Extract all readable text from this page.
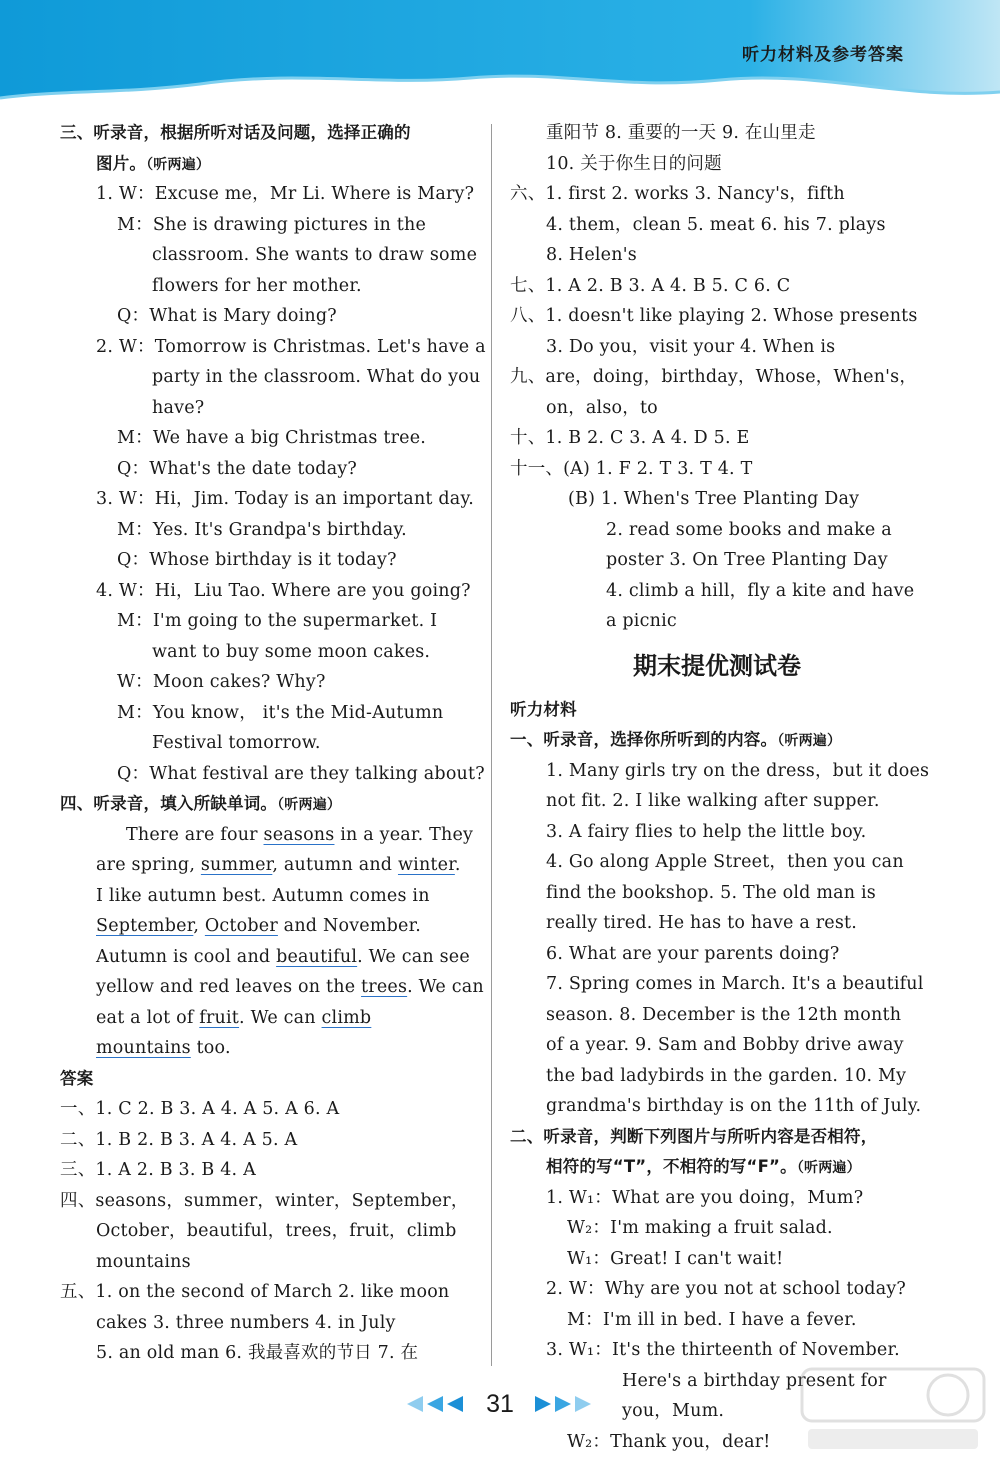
听力材料及参考答案
三、听录音，根据所听对话及问题，选择正确的
图片。（听两遍）
1. W：Excuse me，Mr Li. Where is Mary?
M：She is drawing pictures in the
classroom. She wants to draw some
flowers for her mother.
Q：What is Mary doing?
2. W：Tomorrow is Christmas. Let's have a
party in the classroom. What do you
have?
M：We have a big Christmas tree.
Q：What's the date today?
3. W：Hi，Jim. Today is an important day.
M：Yes. It's Grandpa's birthday.
Q：Whose birthday is it today?
4. W：Hi，Liu Tao. Where are you going?
M：I'm going to the supermarket. I
want to buy some moon cakes.
W：Moon cakes? Why?
M：You know， it's the Mid-Autumn
Festival tomorrow.
Q：What festival are they talking about?
四、听录音，填入所缺单词。（听两遍）
There are four seasons in a year. They
are spring, summer, autumn and winter.
I like autumn best. Autumn comes in
September, October and November.
Autumn is cool and beautiful. We can see
yellow and red leaves on the trees. We can
eat a lot of fruit. We can climb
mountains too.
答案
一、1. C 2. B 3. A 4. A 5. A 6. A
二、1. B 2. B 3. A 4. A 5. A
三、1. A 2. B 3. B 4. A
四、seasons，summer，winter，September，
October，beautiful，trees，fruit，climb
mountains
五、1. on the second of March 2. like moon
cakes 3. three numbers 4. in July
5. an old man 6. 我最喜欢的节日 7. 在
重阳节 8. 重要的一天 9. 在山里走
10. 关于你生日的问题
六、1. first 2. works 3. Nancy's，fifth
4. them，clean 5. meat 6. his 7. plays
8. Helen's
七、1. A 2. B 3. A 4. B 5. C 6. C
八、1. doesn't like playing 2. Whose presents
3. Do you，visit your 4. When is
九、are，doing，birthday，Whose，When's，
on，also，to
十、1. B 2. C 3. A 4. D 5. E
十一、(A) 1. F 2. T 3. T 4. T
(B) 1. When's Tree Planting Day
2. read some books and make a
poster 3. On Tree Planting Day
4. climb a hill，fly a kite and have
a picnic
期末提优测试卷
听力材料
一、听录音，选择你所听到的内容。（听两遍）
1. Many girls try on the dress，but it does
not fit. 2. I like walking after supper.
3. A fairy flies to help the little boy.
4. Go along Apple Street，then you can
find the bookshop. 5. The old man is
really tired. He has to have a rest.
6. What are your parents doing?
7. Spring comes in March. It's a beautiful
season. 8. December is the 12th month
of a year. 9. Sam and Bobby drive away
the bad ladybirds in the garden. 10. My
grandma's birthday is on the 11th of July.
二、听录音，判断下列图片与所听内容是否相符，
相符的写“T”，不相符的写“F”。（听两遍）
1. W₁：What are you doing，Mum?
W₂：I'm making a fruit salad.
W₁：Great! I can't wait!
2. W：Why are you not at school today?
M：I'm ill in bed. I have a fever.
3. W₁：It's the thirteenth of November.
Here's a birthday present for
you，Mum.
W₂：Thank you，dear!
31
